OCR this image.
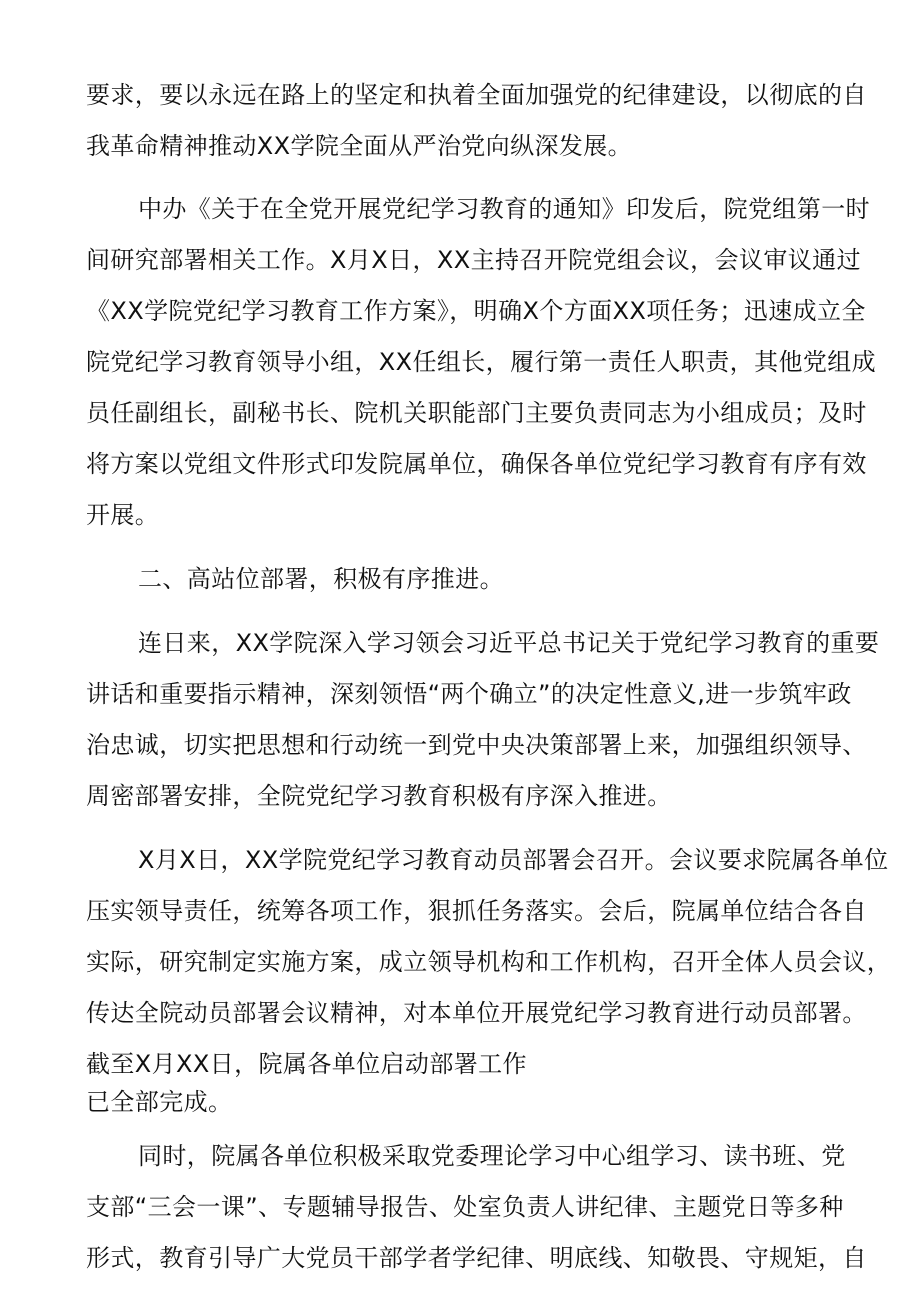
要求，要以永远在路上的坚定和执着全面加强党的纪律建设，以彻底的自
我革命精神推动XX学院全面从严治党向纵深发展。
中办《关于在全党开展党纪学习教育的通知》印发后，院党组第一时
间研究部署相关工作。X月X日，XX主持召开院党组会议，会议审议通过
《XX学院党纪学习教育工作方案》，明确X个方面XX项任务；迅速成立全
院党纪学习教育领导小组，XX任组长，履行第一责任人职责，其他党组成
员任副组长，副秘书长、院机关职能部门主要负责同志为小组成员；及时
将方案以党组文件形式印发院属单位，确保各单位党纪学习教育有序有效
开展。
二、高站位部署，积极有序推进。
连日来，XX学院深入学习领会习近平总书记关于党纪学习教育的重要
讲话和重要指示精神，深刻领悟“两个确立”的决定性意义,进一步筑牢政
治忠诚，切实把思想和行动统一到党中央决策部署上来，加强组织领导、
周密部署安排，全院党纪学习教育积极有序深入推进。
X月X日，XX学院党纪学习教育动员部署会召开。会议要求院属各单位
压实领导责任，统筹各项工作，狠抓任务落实。会后，院属单位结合各自
实际，研究制定实施方案，成立领导机构和工作机构，召开全体人员会议，
传达全院动员部署会议精神，对本单位开展党纪学习教育进行动员部署。
截至X月XX日，院属各单位启动部署工作
已全部完成。
同时，院属各单位积极采取党委理论学习中心组学习、读书班、党
支部“三会一课”、专题辅导报告、处室负责人讲纪律、主题党日等多种
形式，教育引导广大党员干部学者学纪律、明底线、知敬畏、守规矩，自
